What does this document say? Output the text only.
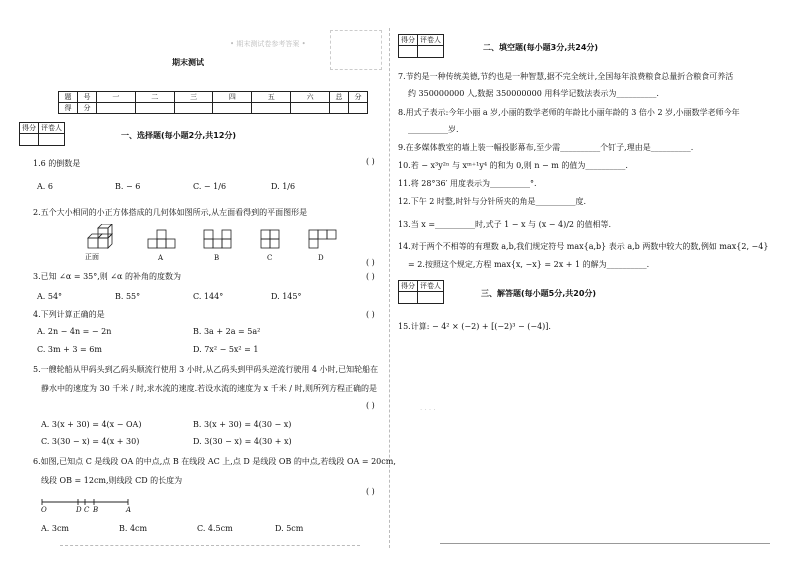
• 期末测试卷参考答案 •
期末测试
题	号	一	二	三	四	五	六	总	分
得	分								
得分	评卷人

一、选择题(每小题2分,共12分)
1.6 的倒数是	( )
A. 6	B. − 6	C. − 1/6	D. 1/6
2.五个大小相同的小正方体搭成的几何体如图所示,从左面看得到的平面图形是
正面	A	B	C	D	( )
3.已知 ∠α = 35°,则 ∠α 的补角的度数为	( )
A. 54°	B. 55°	C. 144°	D. 145°
4.下列计算正确的是	( )
A. 2n − 4n = − 2n	B. 3a + 2a = 5a²
C. 3m + 3 = 6m	D. 7x² − 5x² = 1
5.一艘轮船从甲码头到乙码头顺流行使用 3 小时,从乙码头到甲码头逆流行驶用 4 小时,已知轮船在
静水中的速度为 30 千米 / 时,求水流的速度.若设水流的速度为 x 千米 / 时,则所列方程正确的是
( )
A. 3(x + 30) = 4(x − OA)	B. 3(x + 30) = 4(30 − x)
C. 3(30 − x) = 4(x + 30)	D. 3(30 − x) = 4(30 + x)
6.如图,已知点 C 是线段 OA 的中点,点 B 在线段 AC 上,点 D 是线段 OB 的中点,若线段 OA = 20cm,
线段 OB = 12cm,则线段 CD 的长度为
( )
O	D C B	A
A. 3cm	B. 4cm	C. 4.5cm	D. 5cm
得分	评卷人

二、填空题(每小题3分,共24分)
7.节约是一种传统美德,节约也是一种智慧,据不完全统计,全国每年浪费粮食总量折合粮食可养活
约 350000000 人,数据 350000000 用科学记数法表示为__________.
8.用式子表示:今年小丽 a 岁,小丽的数学老师的年龄比小丽年龄的 3 倍小 2 岁,小丽数学老师今年
__________岁.
9.在多媒体教室的墙上装一幅投影幕布,至少需__________个钉子,理由是__________.
10.若 − x³y²ⁿ 与 xᵐ⁺¹y⁴ 的和为 0,则 n − m 的值为__________.
11.将 28°36′ 用度表示为__________°.
12.下午 2 时整,时针与分针所夹的角是__________度.
13.当 x =__________时,式子 1 − x 与 (x − 4)/2 的值相等.
14.对于两个不相等的有理数 a,b,我们规定符号 max{a,b} 表示 a,b 两数中较大的数,例如 max{2, −4}
= 2.按照这个规定,方程 max{x, −x} = 2x + 1 的解为__________.
得分	评卷人

三、解答题(每小题5分,共20分)
15.计算: − 4² × (−2) + [(−2)³ − (−4)].
. . . .
